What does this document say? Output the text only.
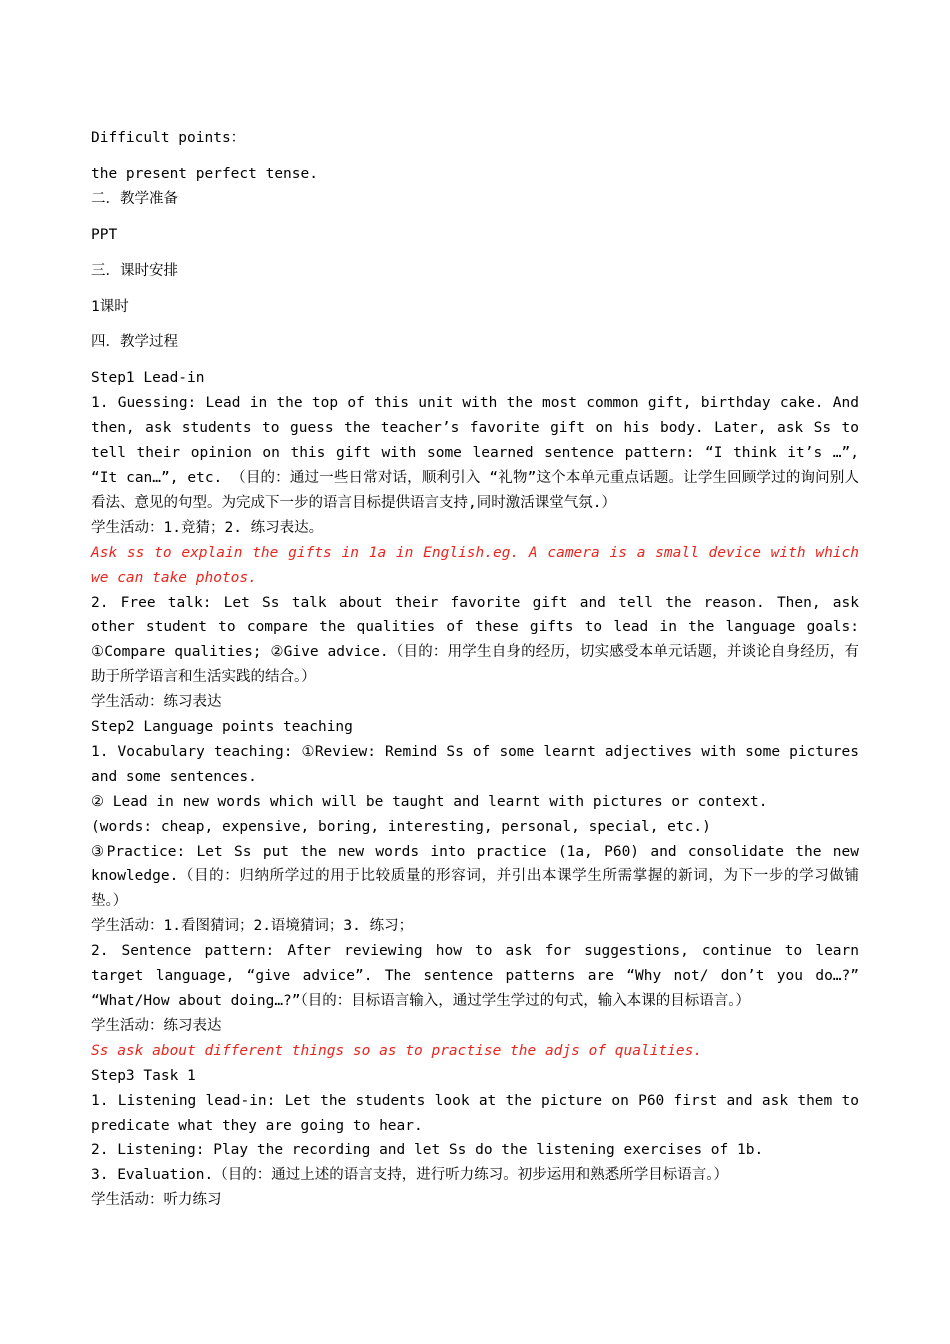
Difficult points：

the present perfect tense.

二．教学准备

PPT

三．课时安排

1课时

四．教学过程

Step1 Lead-in

1. Guessing: Lead in the top of this unit with the most common gift, birthday cake. And then, ask students to guess the teacher’s favorite gift on his body. Later, ask Ss to tell their opinion on this gift with some learned sentence pattern: “I think it’s …”, “It can…”, etc. （目的：通过一些日常对话，顺利引入 “礼物”这个本单元重点话题。让学生回顾学过的询问别人看法、意见的句型。为完成下一步的语言目标提供语言支持,同时激活课堂气氛.）

学生活动：1.竞猜；2. 练习表达。

Ask ss to explain the gifts in 1a in English.eg. A camera is a small device with which we can take photos.

2. Free talk: Let Ss talk about their favorite gift and tell the reason. Then, ask other student to compare the qualities of these gifts to lead in the language goals: ①Compare qualities; ②Give advice.（目的：用学生自身的经历，切实感受本单元话题，并谈论自身经历，有助于所学语言和生活实践的结合。）

学生活动：练习表达

Step2 Language points teaching

1. Vocabulary teaching: ①Review: Remind Ss of some learnt adjectives with some pictures and some sentences.

② Lead in new words which will be taught and learnt with pictures or context.

(words: cheap, expensive, boring, interesting, personal, special, etc.)

③Practice: Let Ss put the new words into practice (1a, P60) and consolidate the new knowledge.（目的：归纳所学过的用于比较质量的形容词，并引出本课学生所需掌握的新词，为下一步的学习做铺垫。）

学生活动：1.看图猜词；2.语境猜词；3. 练习；

2. Sentence pattern: After reviewing how to ask for suggestions, continue to learn target language, “give advice”. The sentence patterns are “Why not/ don’t you do…?” “What/How about doing…?”（目的：目标语言输入，通过学生学过的句式，输入本课的目标语言。）

学生活动：练习表达

Ss ask about different things so as to practise the adjs of qualities.

Step3 Task 1

1. Listening lead-in: Let the students look at the picture on P60 first and ask them to predicate what they are going to hear.

2. Listening: Play the recording and let Ss do the listening exercises of 1b.

3. Evaluation.（目的：通过上述的语言支持，进行听力练习。初步运用和熟悉所学目标语言。）

学生活动：听力练习
